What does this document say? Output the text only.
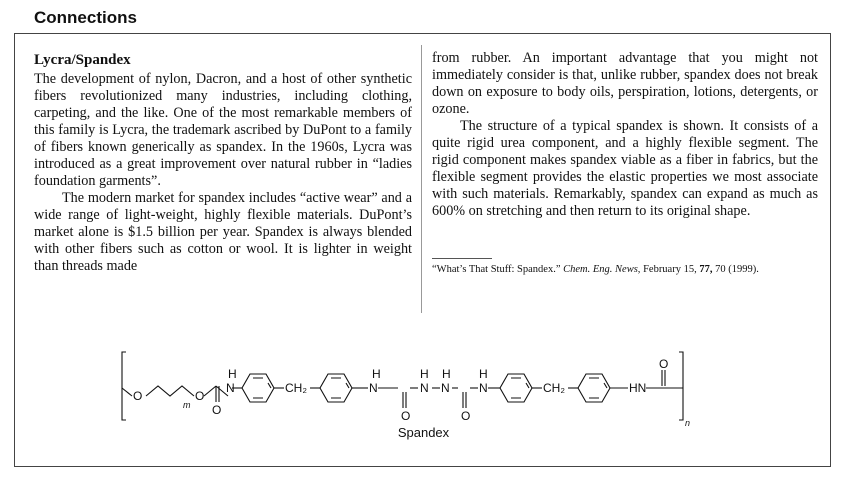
Connections
Lycra/Spandex

The development of nylon, Dacron, and a host of other synthetic fibers revolutionized many industries, including clothing, carpeting, and the like. One of the most remarkable members of this family is Lycra, the trademark ascribed by DuPont to a family of fibers known generically as spandex. In the 1960s, Lycra was introduced as a great improvement over natural rubber in “ladies foundation garments”.

The modern market for spandex includes “active wear” and a wide range of light-weight, highly flexible materials. DuPont’s market alone is $1.5 billion per year. Spandex is always blended with other fibers such as cotton or wool. It is lighter in weight than threads made

from rubber. An important advantage that you might not immediately consider is that, unlike rubber, spandex does not break down on exposure to body oils, perspiration, lotions, detergents, or ozone.

The structure of a typical spandex is shown. It consists of a quite rigid urea component, and a highly flexible segment. The rigid component makes spandex viable as a fiber in fabrics, but the flexible segment provides the elastic properties we most associate with such materials. Remarkably, spandex can expand as much as 600% on stretching and then return to its original shape.

“What’s That Stuff: Spandex.” Chem. Eng. News, February 15, 77, 70 (1999).
O
m
O
O
H
N	CH₂
H
N
O
H
N
H
N
O
H
N	CH₂	HN
O
n
Spandex
